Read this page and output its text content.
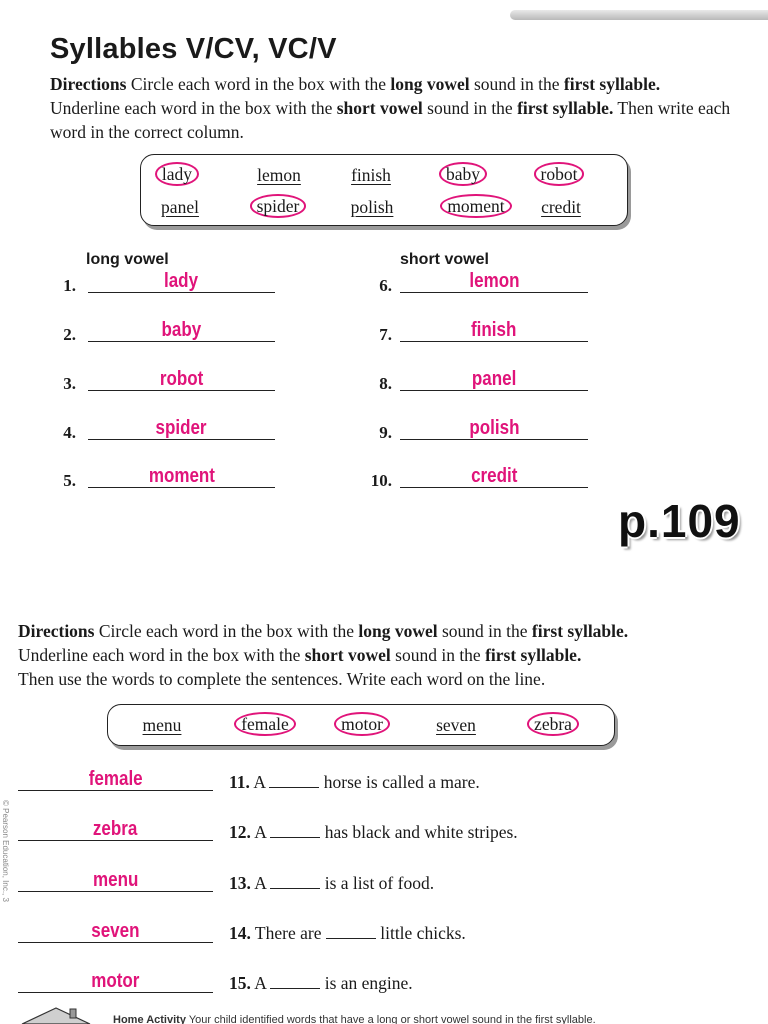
Syllables V/CV, VC/V
Directions Circle each word in the box with the long vowel sound in the first syllable.
Underline each word in the box with the short vowel sound in the first syllable. Then write each word in the correct column.
lady	lemon	finish	baby	robot
panel	spider	polish	moment	credit
long vowel	short vowel
1.	lady
2.	baby
3.	robot
4.	spider
5.	moment
6.	lemon
7.	finish
8.	panel
9.	polish
10.	credit
p.109
Directions Circle each word in the box with the long vowel sound in the first syllable.
Underline each word in the box with the short vowel sound in the first syllable.
Then use the words to complete the sentences. Write each word on the line.
menu	female	motor	seven	zebra
female	11. A	horse is called a mare.
zebra	12. A	has black and white stripes.
menu	13. A	is a list of food.
seven	14. There are	little chicks.
motor	15. A	is an engine.
© Pearson Education, Inc., 3
Home Activity Your child identified words that have a long or short vowel sound in the first syllable.
